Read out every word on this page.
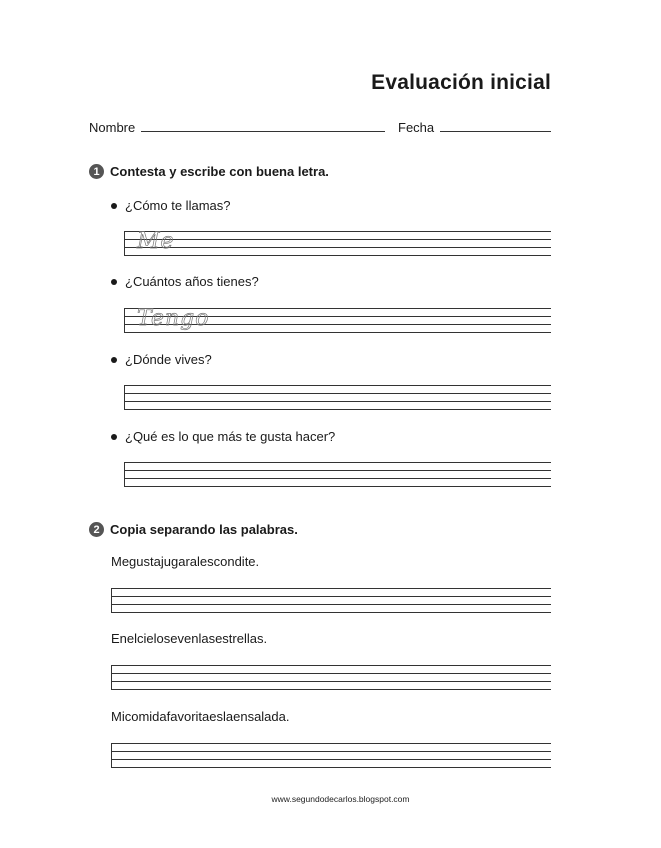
Evaluación inicial
Nombre	Fecha
1 Contesta y escribe con buena letra.
¿Cómo te llamas?
Me
¿Cuántos años tienes?
Tengo
¿Dónde vives?
¿Qué es lo que más te gusta hacer?
2 Copia separando las palabras.
Megustajugaralescondite.
Enelcieloseven​lasestrellas.
Micomidafavoritaeslaensalada.
www.segundodecarlos.blogspot.com
